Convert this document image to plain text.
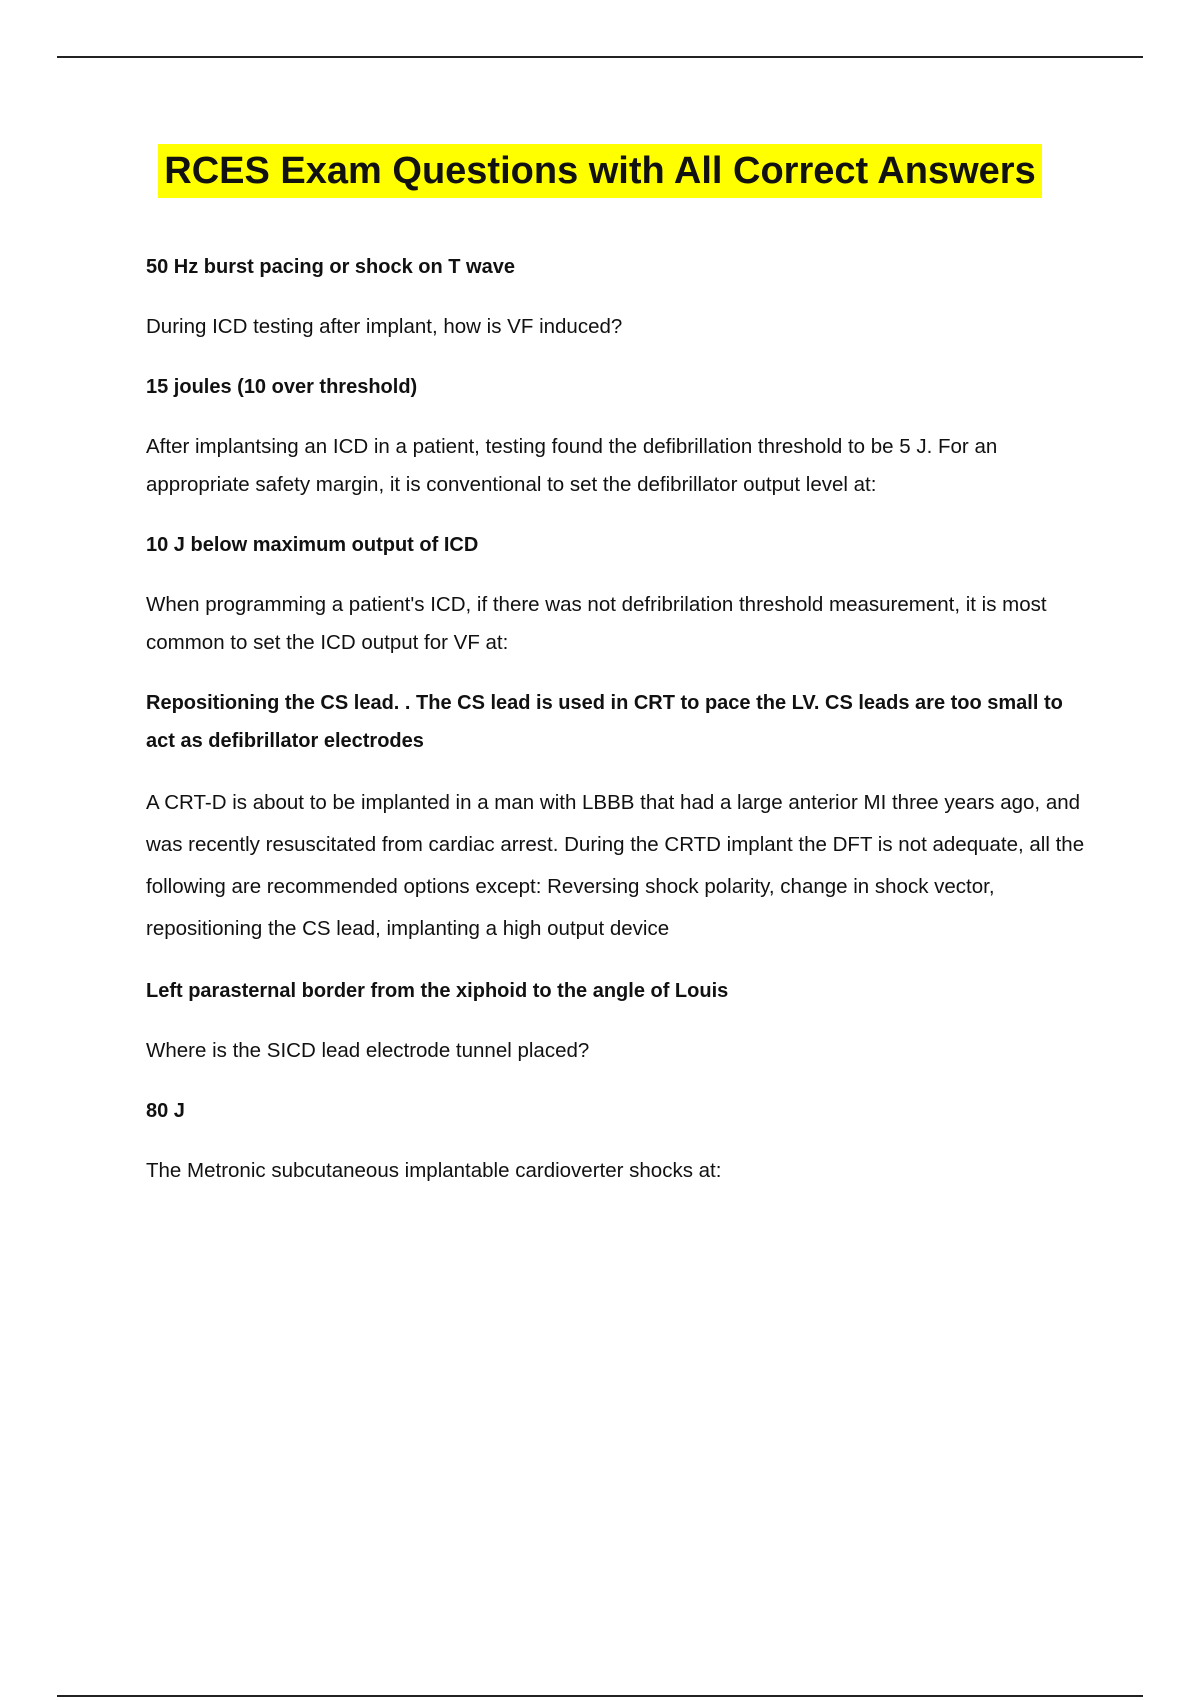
RCES Exam Questions with All Correct Answers

50 Hz burst pacing or shock on T wave

During ICD testing after implant, how is VF induced?

15 joules (10 over threshold)

After implantsing an ICD in a patient, testing found the defibrillation threshold to be 5 J. For an appropriate safety margin, it is conventional to set the defibrillator output level at:

10 J below maximum output of ICD

When programming a patient's ICD, if there was not defribrilation threshold measurement, it is most common to set the ICD output for VF at:

Repositioning the CS lead. . The CS lead is used in CRT to pace the LV. CS leads are too small to act as defibrillator electrodes

A CRT-D is about to be implanted in a man with LBBB that had a large anterior MI three years ago, and was recently resuscitated from cardiac arrest. During the CRTD implant the DFT is not adequate, all the following are recommended options except: Reversing shock polarity, change in shock vector, repositioning the CS lead, implanting a high output device

Left parasternal border from the xiphoid to the angle of Louis

Where is the SICD lead electrode tunnel placed?

80 J

The Metronic subcutaneous implantable cardioverter shocks at:
